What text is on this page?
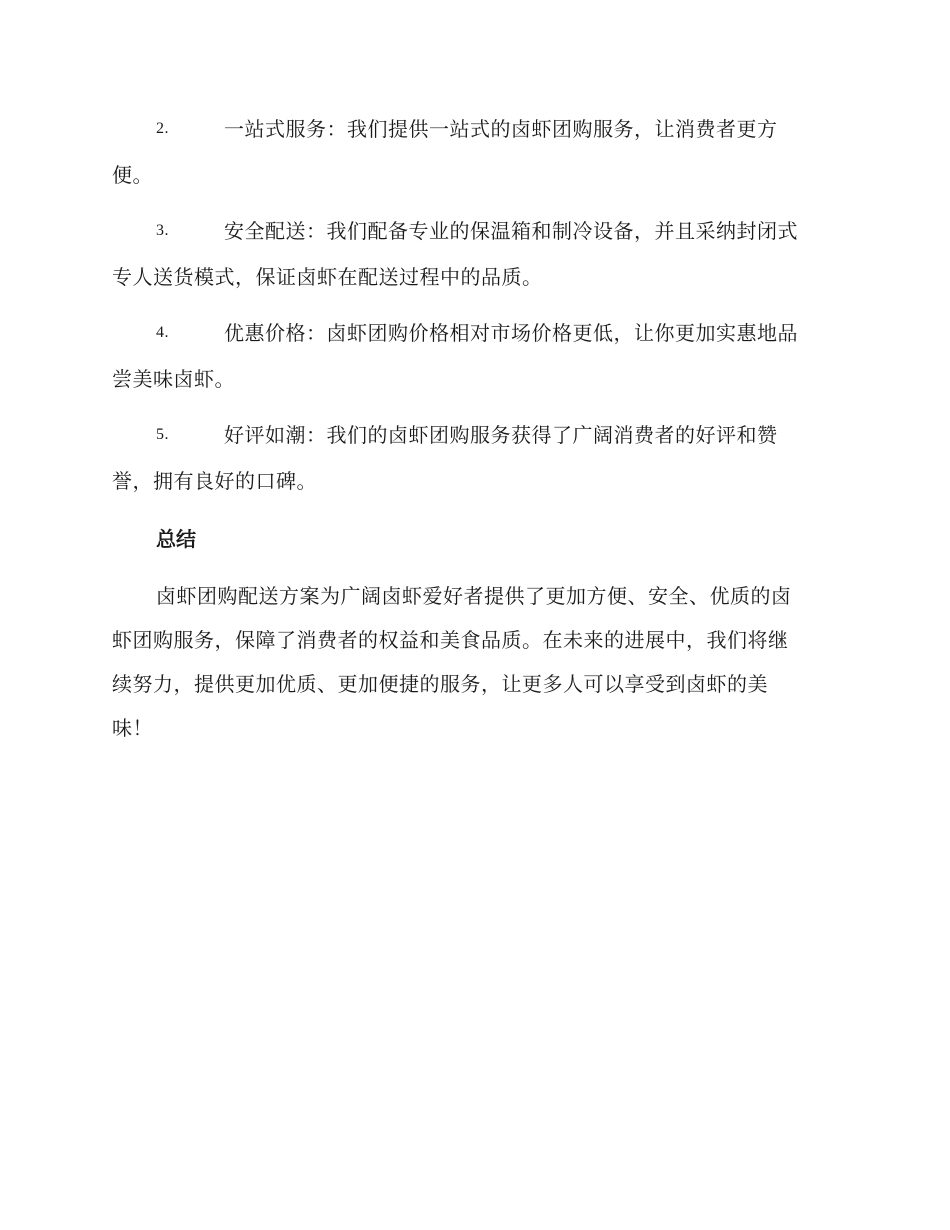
2.	一站式服务：我们提供一站式的卤虾团购服务，让消费者更方
便。
3.	安全配送：我们配备专业的保温箱和制冷设备，并且采纳封闭式
专人送货模式，保证卤虾在配送过程中的品质。
4.	优惠价格：卤虾团购价格相对市场价格更低，让你更加实惠地品
尝美味卤虾。
5.	好评如潮：我们的卤虾团购服务获得了广阔消费者的好评和赞
誉，拥有良好的口碑。
总结
卤虾团购配送方案为广阔卤虾爱好者提供了更加方便、安全、优质的卤
虾团购服务，保障了消费者的权益和美食品质。在未来的进展中，我们将继
续努力，提供更加优质、更加便捷的服务，让更多人可以享受到卤虾的美
味！
